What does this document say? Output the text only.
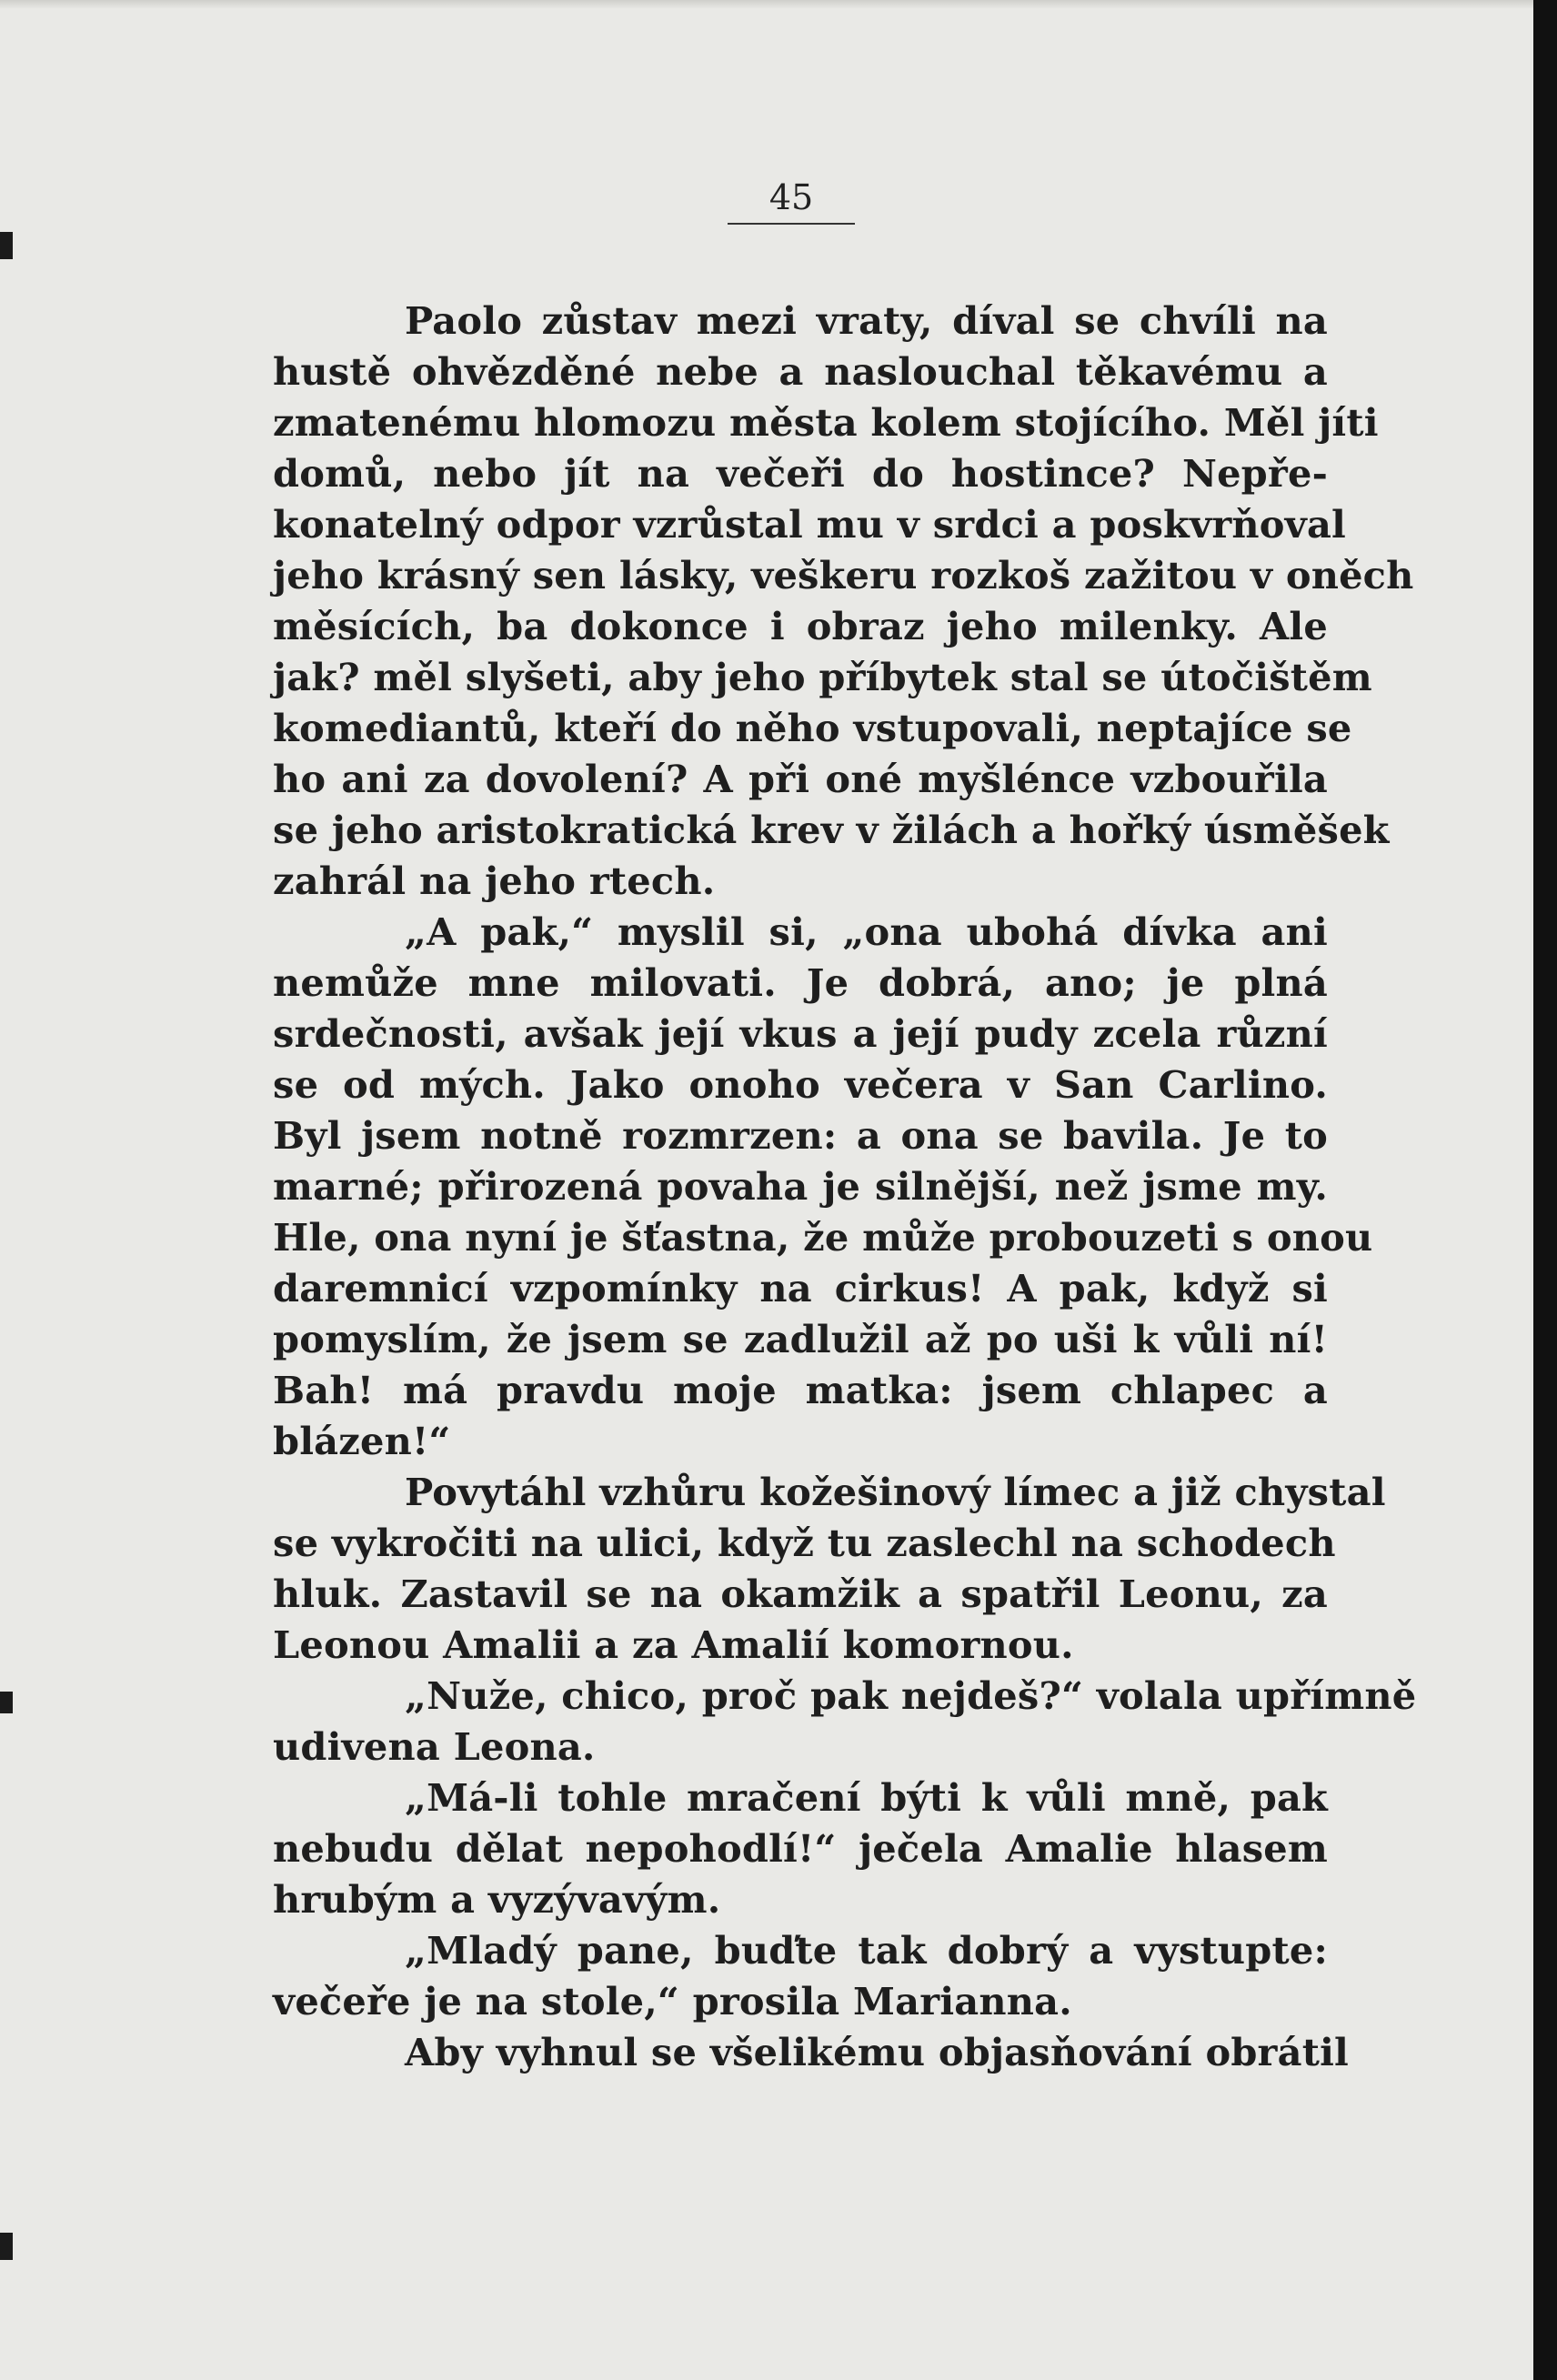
45
Paolo zůstav mezi vraty, díval se chvíli na
hustě ohvězděné nebe a naslouchal těkavému a
zmatenému hlomozu města kolem stojícího. Měl jíti
domů, nebo jít na večeři do hostince? Nepře-
konatelný odpor vzrůstal mu v srdci a poskvrňoval
jeho krásný sen lásky, veškeru rozkoš zažitou v oněch
měsících, ba dokonce i obraz jeho milenky. Ale
jak? měl slyšeti, aby jeho příbytek stal se útočištěm
komediantů, kteří do něho vstupovali, neptajíce se
ho ani za dovolení? A při oné myšlénce vzbouřila
se jeho aristokratická krev v žilách a hořký úsměšek
zahrál na jeho rtech.
„A pak,“ myslil si, „ona ubohá dívka ani
nemůže mne milovati. Je dobrá, ano; je plná
srdečnosti, avšak její vkus a její pudy zcela různí
se od mých. Jako onoho večera v San Carlino.
Byl jsem notně rozmrzen: a ona se bavila. Je to
marné; přirozená povaha je silnější, než jsme my.
Hle, ona nyní je šťastna, že může probouzeti s onou
daremnicí vzpomínky na cirkus! A pak, když si
pomyslím, že jsem se zadlužil až po uši k vůli ní!
Bah! má pravdu moje matka: jsem chlapec a
blázen!“
Povytáhl vzhůru kožešinový límec a již chystal
se vykročiti na ulici, když tu zaslechl na schodech
hluk. Zastavil se na okamžik a spatřil Leonu, za
Leonou Amalii a za Amalií komornou.
„Nuže, chico, proč pak nejdeš?“ volala upřímně
udivena Leona.
„Má-li tohle mračení býti k vůli mně, pak
nebudu dělat nepohodlí!“ ječela Amalie hlasem
hrubým a vyzývavým.
„Mladý pane, buďte tak dobrý a vystupte:
večeře je na stole,“ prosila Marianna.
Aby vyhnul se všelikému objasňování obrátil
